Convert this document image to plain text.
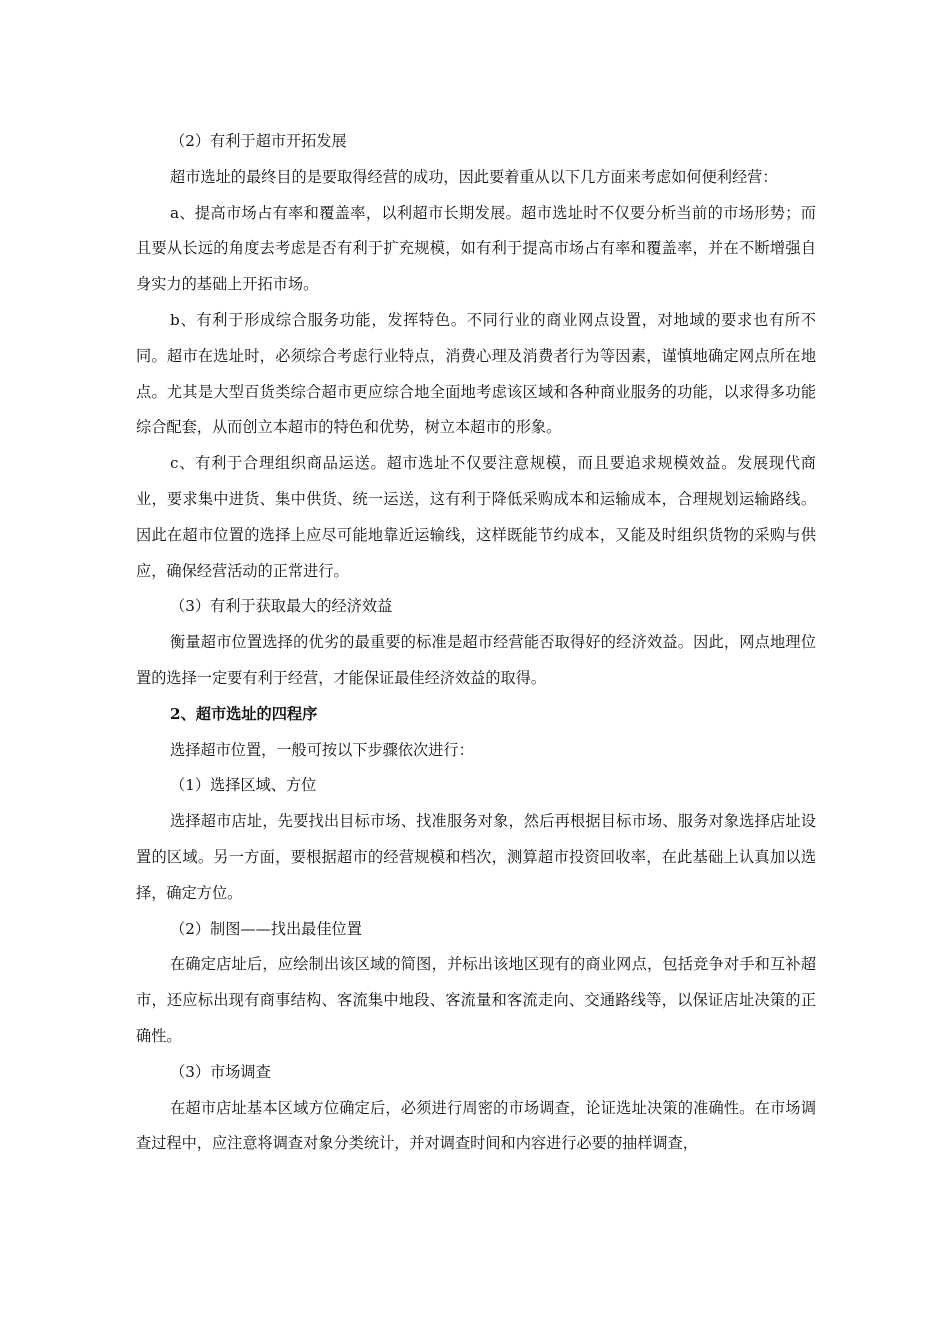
（2）有利于超市开拓发展

超市选址的最终目的是要取得经营的成功，因此要着重从以下几方面来考虑如何便利经营：

a、提高市场占有率和覆盖率，以利超市长期发展。超市选址时不仅要分析当前的市场形势；而且要从长远的角度去考虑是否有利于扩充规模，如有利于提高市场占有率和覆盖率，并在不断增强自身实力的基础上开拓市场。

b、有利于形成综合服务功能，发挥特色。不同行业的商业网点设置，对地域的要求也有所不同。超市在选址时，必须综合考虑行业特点，消费心理及消费者行为等因素，谨慎地确定网点所在地点。尤其是大型百货类综合超市更应综合地全面地考虑该区域和各种商业服务的功能，以求得多功能综合配套，从而创立本超市的特色和优势，树立本超市的形象。

c、有利于合理组织商品运送。超市选址不仅要注意规模，而且要追求规模效益。发展现代商业，要求集中进货、集中供货、统一运送，这有利于降低采购成本和运输成本，合理规划运输路线。因此在超市位置的选择上应尽可能地靠近运输线，这样既能节约成本，又能及时组织货物的采购与供应，确保经营活动的正常进行。

（3）有利于获取最大的经济效益

衡量超市位置选择的优劣的最重要的标准是超市经营能否取得好的经济效益。因此，网点地理位置的选择一定要有利于经营，才能保证最佳经济效益的取得。

2、超市选址的四程序

选择超市位置，一般可按以下步骤依次进行：

（1）选择区域、方位

选择超市店址，先要找出目标市场、找准服务对象，然后再根据目标市场、服务对象选择店址设置的区域。另一方面，要根据超市的经营规模和档次，测算超市投资回收率，在此基础上认真加以选择，确定方位。

（2）制图——找出最佳位置

在确定店址后，应绘制出该区域的简图，并标出该地区现有的商业网点，包括竞争对手和互补超市，还应标出现有商事结构、客流集中地段、客流量和客流走向、交通路线等，以保证店址决策的正确性。

（3）市场调查

在超市店址基本区域方位确定后，必须进行周密的市场调查，论证选址决策的准确性。在市场调查过程中，应注意将调查对象分类统计，并对调查时间和内容进行必要的抽样调查，
